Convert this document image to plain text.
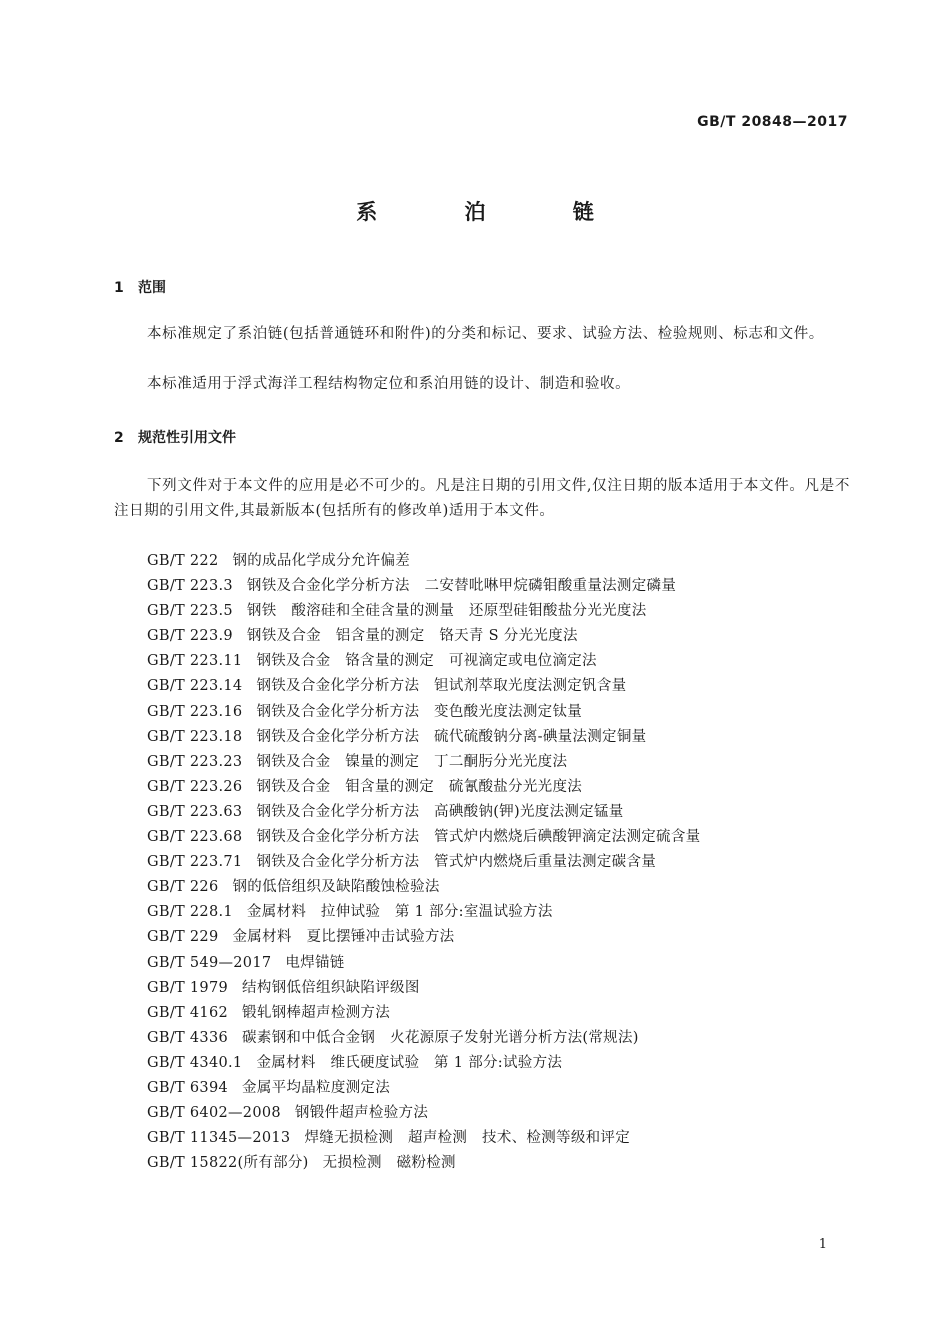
GB/T 20848—2017
系 泊 链
1 范围

本标准规定了系泊链(包括普通链环和附件)的分类和标记、要求、试验方法、检验规则、标志和文件。

本标准适用于浮式海洋工程结构物定位和系泊用链的设计、制造和验收。

2 规范性引用文件

下列文件对于本文件的应用是必不可少的。凡是注日期的引用文件,仅注日期的版本适用于本文件。凡是不注日期的引用文件,其最新版本(包括所有的修改单)适用于本文件。

GB/T 222 钢的成品化学成分允许偏差
GB/T 223.3 钢铁及合金化学分析方法　二安替吡啉甲烷磷钼酸重量法测定磷量
GB/T 223.5 钢铁　酸溶硅和全硅含量的测量　还原型硅钼酸盐分光光度法
GB/T 223.9 钢铁及合金　铝含量的测定　铬天青 S 分光光度法
GB/T 223.11 钢铁及合金　铬含量的测定　可视滴定或电位滴定法
GB/T 223.14 钢铁及合金化学分析方法　钽试剂萃取光度法测定钒含量
GB/T 223.16 钢铁及合金化学分析方法　变色酸光度法测定钛量
GB/T 223.18 钢铁及合金化学分析方法　硫代硫酸钠分离-碘量法测定铜量
GB/T 223.23 钢铁及合金　镍量的测定　丁二酮肟分光光度法
GB/T 223.26 钢铁及合金　钼含量的测定　硫氰酸盐分光光度法
GB/T 223.63 钢铁及合金化学分析方法　高碘酸钠(钾)光度法测定锰量
GB/T 223.68 钢铁及合金化学分析方法　管式炉内燃烧后碘酸钾滴定法测定硫含量
GB/T 223.71 钢铁及合金化学分析方法　管式炉内燃烧后重量法测定碳含量
GB/T 226 钢的低倍组织及缺陷酸蚀检验法
GB/T 228.1 金属材料　拉伸试验　第 1 部分:室温试验方法
GB/T 229 金属材料　夏比摆锤冲击试验方法
GB/T 549—2017 电焊锚链
GB/T 1979 结构钢低倍组织缺陷评级图
GB/T 4162 锻轧钢棒超声检测方法
GB/T 4336 碳素钢和中低合金钢　火花源原子发射光谱分析方法(常规法)
GB/T 4340.1 金属材料　维氏硬度试验　第 1 部分:试验方法
GB/T 6394 金属平均晶粒度测定法
GB/T 6402—2008 钢锻件超声检验方法
GB/T 11345—2013 焊缝无损检测　超声检测　技术、检测等级和评定
GB/T 15822(所有部分) 无损检测　磁粉检测
1
